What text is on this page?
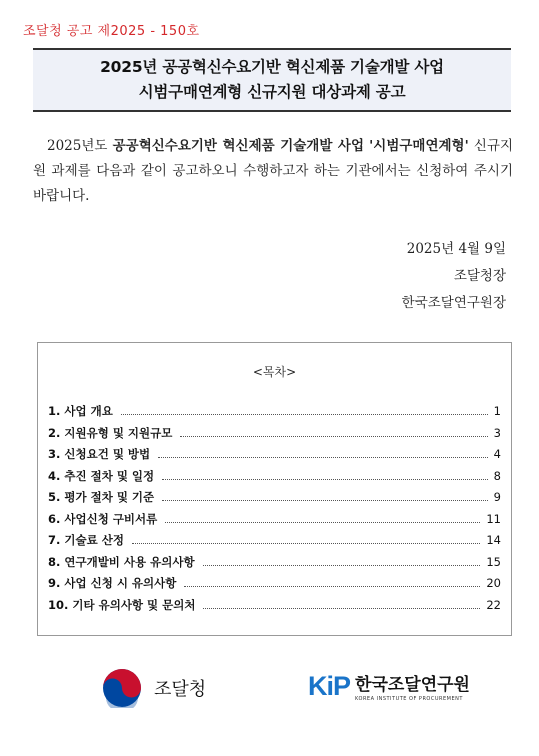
조달청 공고 제2025 - 150호
2025년 공공혁신수요기반 혁신제품 기술개발 사업
시범구매연계형 신규지원 대상과제 공고
2025년도 공공혁신수요기반 혁신제품 기술개발 사업 '시범구매연계형' 신규지원 과제를 다음과 같이 공고하오니 수행하고자 하는 기관에서는 신청하여 주시기 바랍니다.
2025년 4월 9일
조달청장
한국조달연구원장
<목차>
1. 사업 개요	1
2. 지원유형 및 지원규모	3
3. 신청요건 및 방법	4
4. 추진 절차 및 일정	8
5. 평가 절차 및 기준	9
6. 사업신청 구비서류	11
7. 기술료 산정	14
8. 연구개발비 사용 유의사항	15
9. 사업 신청 시 유의사항	20
10. 기타 유의사항 및 문의처	22
조달청	KiP 한국조달연구원
KOREA INSTITUTE OF PROCUREMENT
